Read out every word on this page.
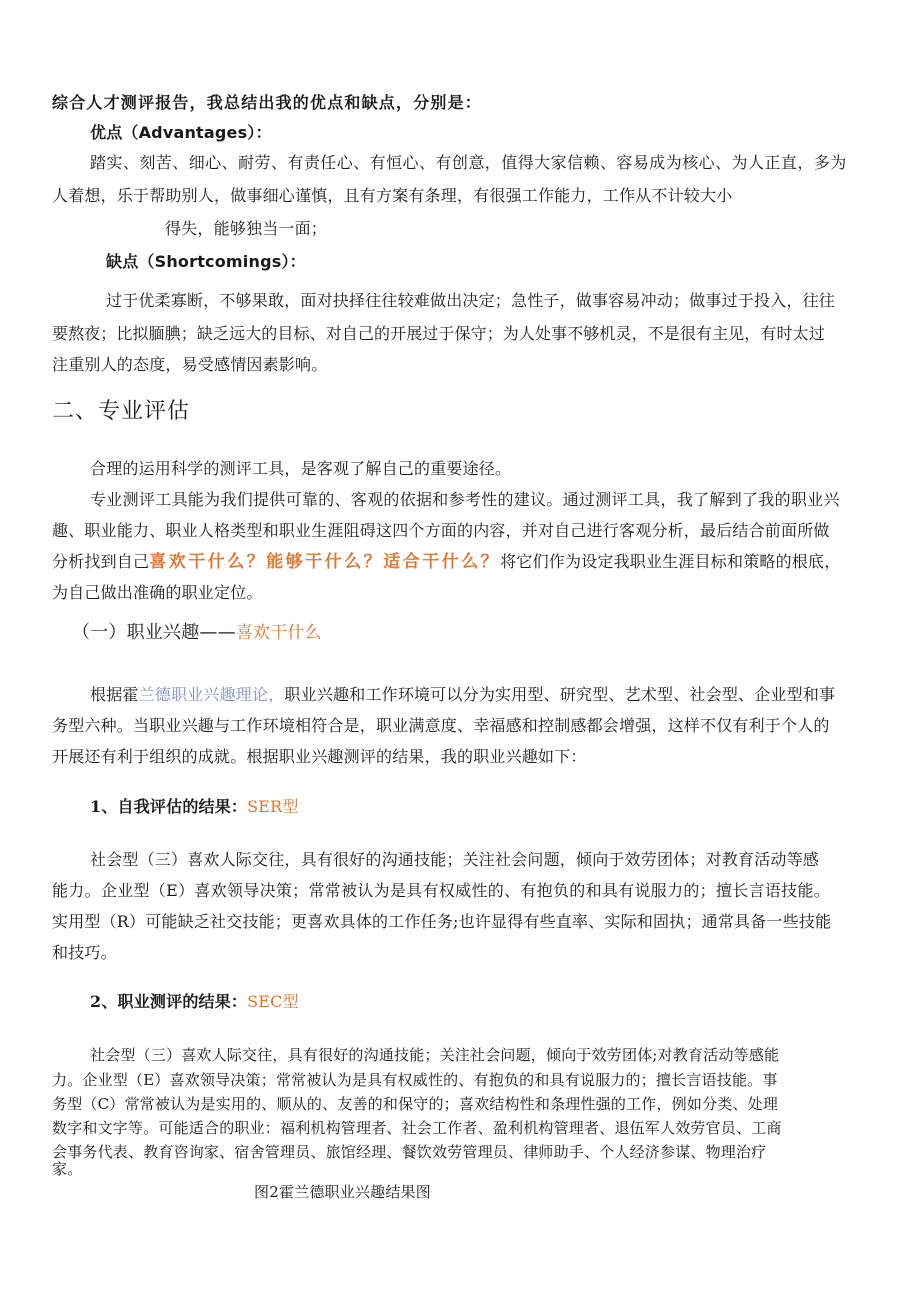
综合人才测评报告，我总结出我的优点和缺点，分别是：

优点（Advantages）：

踏实、刻苦、细心、耐劳、有责任心、有恒心、有创意，值得大家信赖、容易成为核心、为人正直，多为

人着想，乐于帮助别人，做事细心谨慎，且有方案有条理，有很强工作能力，工作从不计较大小

得失，能够独当一面；

缺点（Shortcomings）：

过于优柔寡断，不够果敢，面对抉择往往较难做出决定；急性子，做事容易冲动；做事过于投入，往往

要熬夜；比拟腼腆；缺乏远大的目标、对自己的开展过于保守；为人处事不够机灵，不是很有主见，有时太过

注重别人的态度，易受感情因素影响。

二、专业评估

合理的运用科学的测评工具，是客观了解自己的重要途径。

专业测评工具能为我们提供可靠的、客观的依据和参考性的建议。通过测评工具，我了解到了我的职业兴

趣、职业能力、职业人格类型和职业生涯阻碍这四个方面的内容，并对自己进行客观分析，最后结合前面所做

分析找到自己喜欢干什么？能够干什么？适合干什么？将它们作为设定我职业生涯目标和策略的根底，

为自己做出准确的职业定位。

（一）职业兴趣——喜欢干什么

根据霍兰德职业兴趣理论，职业兴趣和工作环境可以分为实用型、研究型、艺术型、社会型、企业型和事

务型六种。当职业兴趣与工作环境相符合是，职业满意度、幸福感和控制感都会增强，这样不仅有利于个人的

开展还有利于组织的成就。根据职业兴趣测评的结果，我的职业兴趣如下：

1、自我评估的结果：SER型

社会型（三）喜欢人际交往，具有很好的沟通技能；关注社会问题，倾向于效劳团体；对教育活动等感

能力。企业型（E）喜欢领导决策；常常被认为是具有权威性的、有抱负的和具有说服力的；擅长言语技能。

实用型（R）可能缺乏社交技能；更喜欢具体的工作任务;也许显得有些直率、实际和固执；通常具备一些技能

和技巧。

2、职业测评的结果：SEC型

社会型（三）喜欢人际交往，具有很好的沟通技能；关注社会问题，倾向于效劳团体;对教育活动等感能

力。企业型（E）喜欢领导决策；常常被认为是具有权威性的、有抱负的和具有说服力的；擅长言语技能。事

务型（C）常常被认为是实用的、顺从的、友善的和保守的；喜欢结构性和条理性强的工作，例如分类、处理

数字和文字等。可能适合的职业：福利机构管理者、社会工作者、盈利机构管理者、退伍军人效劳官员、工商

会事务代表、教育咨询家、宿舍管理员、旅馆经理、餐饮效劳管理员、律师助手、个人经济参谋、物理治疗

家。

图2霍兰德职业兴趣结果图
